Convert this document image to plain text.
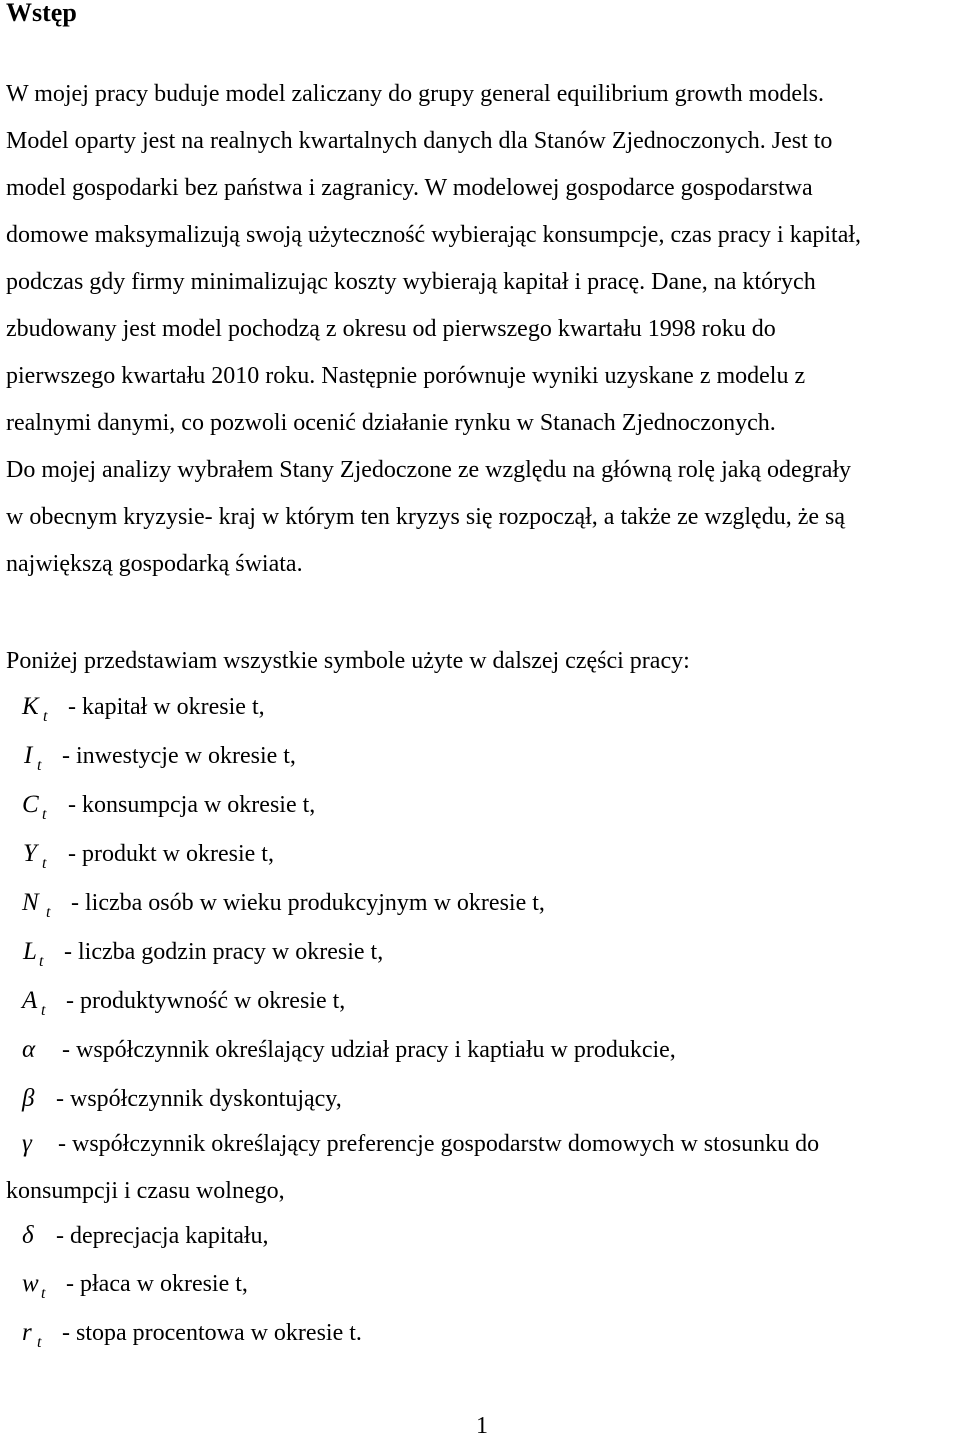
Wstęp
W mojej pracy buduje model zaliczany do grupy general equilibrium growth models.
Model oparty jest na realnych kwartalnych danych dla Stanów Zjednoczonych. Jest to
model gospodarki bez państwa i zagranicy. W modelowej gospodarce gospodarstwa
domowe maksymalizują swoją użyteczność wybierając konsumpcje, czas pracy i kapitał,
podczas gdy firmy minimalizując koszty wybierają kapitał i pracę. Dane, na których
zbudowany jest model pochodzą z okresu od pierwszego kwartału 1998 roku do
pierwszego kwartału 2010 roku. Następnie porównuje wyniki uzyskane z modelu z
realnymi danymi, co pozwoli ocenić działanie rynku w Stanach Zjednoczonych.
Do mojej analizy wybrałem Stany Zjedoczone ze względu na główną rolę jaką odegrały
w obecnym kryzysie- kraj w którym ten kryzys się rozpoczął, a także ze względu, że są
największą gospodarką świata.
Poniżej przedstawiam wszystkie symbole użyte w dalszej części pracy:
K t - kapitał w okresie t,
I t - inwestycje w okresie t,
C t - konsumpcja w okresie t,
Y t - produkt w okresie t,
N t - liczba osób w wieku produkcyjnym w okresie t,
L t - liczba godzin pracy w okresie t,
A t - produktywność w okresie t,
α - współczynnik określający udział pracy i kaptiału w produkcie,
β - współczynnik dyskontujący,
γ - współczynnik określający preferencje gospodarstw domowych w stosunku do
konsumpcji i czasu wolnego,
δ - deprecjacja kapitału,
w t - płaca w okresie t,
r t - stopa procentowa w okresie t.
1
